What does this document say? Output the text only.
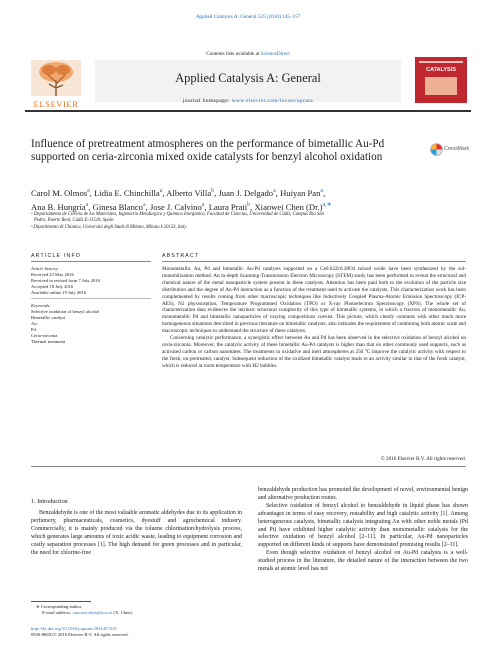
Applied Catalysis A: General 525 (2016) 145–157
Contents lists available at ScienceDirect
ELSEVIER
Applied Catalysis A: General
CATALYSIS
journal homepage: www.elsevier.com/locate/apcata
Influence of pretreatment atmospheres on the performance of bimetallic Au-Pd supported on ceria-zirconia mixed oxide catalysts for benzyl alcohol oxidation
CrossMark
Carol M. Olmos$^a$, Lidia E. Chinchilla$^a$, Alberto Villa$^b$, Juan J. Delgado$^a$, Huiyan Pan$^a$,
Ana B. Hungría$^a$, Ginesa Blanco$^a$, Jose J. Calvino$^a$, Laura Prati$^b$, Xiaowei Chen $(Dr.)^{a,∗}$
ᵃ Departamento de Ciencia de los Materiales, Ingeniería Metalúrgica y Química Inorgánica, Facultad de Ciencias, Universidad de Cádiz, Campus Río San
Pedro, Puerto Real, Cádiz E-11510, Spain
ᵇ Dipartimento di Chimica, Università degli Studi di Milano, Milano I-20133, Italy
ARTICLE INFO
Article history:
Received 23 May 2016
Received in revised form 7 July 2016
Accepted 18 July 2016
Available online 19 July 2016
Keywords:
Selective oxidation of benzyl alcohol
Bimetallic catalyst
Au
Pd
Ceria-zirconia
Thermal treatment
ABSTRACT

Monometallic Au, Pd and bimetallic Au-Pd catalysts supported on a Ce0.62Zr0.38O2 mixed oxide have been synthesized by the sol-immobilization method. An in-depth Scanning-Transmission Electron Microscopy (STEM) study has been performed to reveal the structural and chemical nature of the metal nanoparticle system present in these catalysts. Attention has been paid both to the evolution of the particle size distribution and the degree of Au-Pd interaction as a function of the treatment used to activate the catalysts. This characterization work has been complemented by results coming from other macroscopic techniques like Inductively Coupled Plasma-Atomic Emission Spectroscopy (ICP-AES), N2 physisorption, Temperature Programmed Oxidation (TPO) or X-ray Photoelectron Spectroscopy (XPS). The whole set of characterization data evidences the intrinsic structural complexity of this type of bimetallic systems, in which a fraction of monometallic Au, monometallic Pd and bimetallic nanoparticles of varying compositions coexist. This picture, which clearly contrasts with other much more homogeneous situations described in previous literature on bimetallic catalysts, also indicates the requirement of combining both atomic scale and macroscopic techniques to understand the structure of these catalysts.

Concerning catalytic performance, a synergistic effect between Au and Pd has been observed in the selective oxidation of benzyl alcohol on ceria-zirconia. Moreover, the catalytic activity of these bimetallic Au-Pd catalysts is higher than that on other commonly used supports, such as activated carbon or carbon nanotubes. The treatments in oxidative and inert atmospheres at 250 °C improve the catalytic activity with respect to the fresh, un-pretreated, catalyst. Subsequent reduction of the oxidized bimetallic catalyst leads to an activity similar to that of the fresh catalyst, which is reduced at room temperature with H2 bubbles.

© 2016 Elsevier B.V. All rights reserved.
1. Introduction

Benzaldehyde is one of the most valuable aromatic aldehydes due to its application in perfumery, pharmaceuticals, cosmetics, dyestuff and agrochemical industry. Commercially, it is mainly produced via the toluene chlorination/hydrolysis process, which generates large amounts of toxic acidic waste, leading to equipment corrosion and costly separation processes [1]. The high demand for green processes and in particular, the need for chlorine-free

benzaldehyde production has promoted the development of novel, environmental benign and alternative production routes.

Selective oxidation of benzyl alcohol to benzaldehyde in liquid phase has shown advantages in terms of easy recovery, reusability and high catalytic activity [1]. Among heterogeneous catalysts, bimetallic catalysts integrating Au with other noble metals (Pd and Pt) have exhibited higher catalytic activity than monometallic catalysts for the selective oxidation of benzyl alcohol [2–11]. In particular, Au-Pd nanoparticles supported on different kinds of supports have demonstrated promising results [2–11].

Even though selective oxidation of benzyl alcohol on Au-Pd catalysts is a well-studied process in the literature, the detailed nature of the interaction between the two metals at atomic level has not

∗ Corresponding author.
E-mail address: xiaowei.chen@uca.es (X. Chen).
http://dx.doi.org/10.1016/j.apcata.2016.07.013
0926-860X/© 2016 Elsevier B.V. All rights reserved.
